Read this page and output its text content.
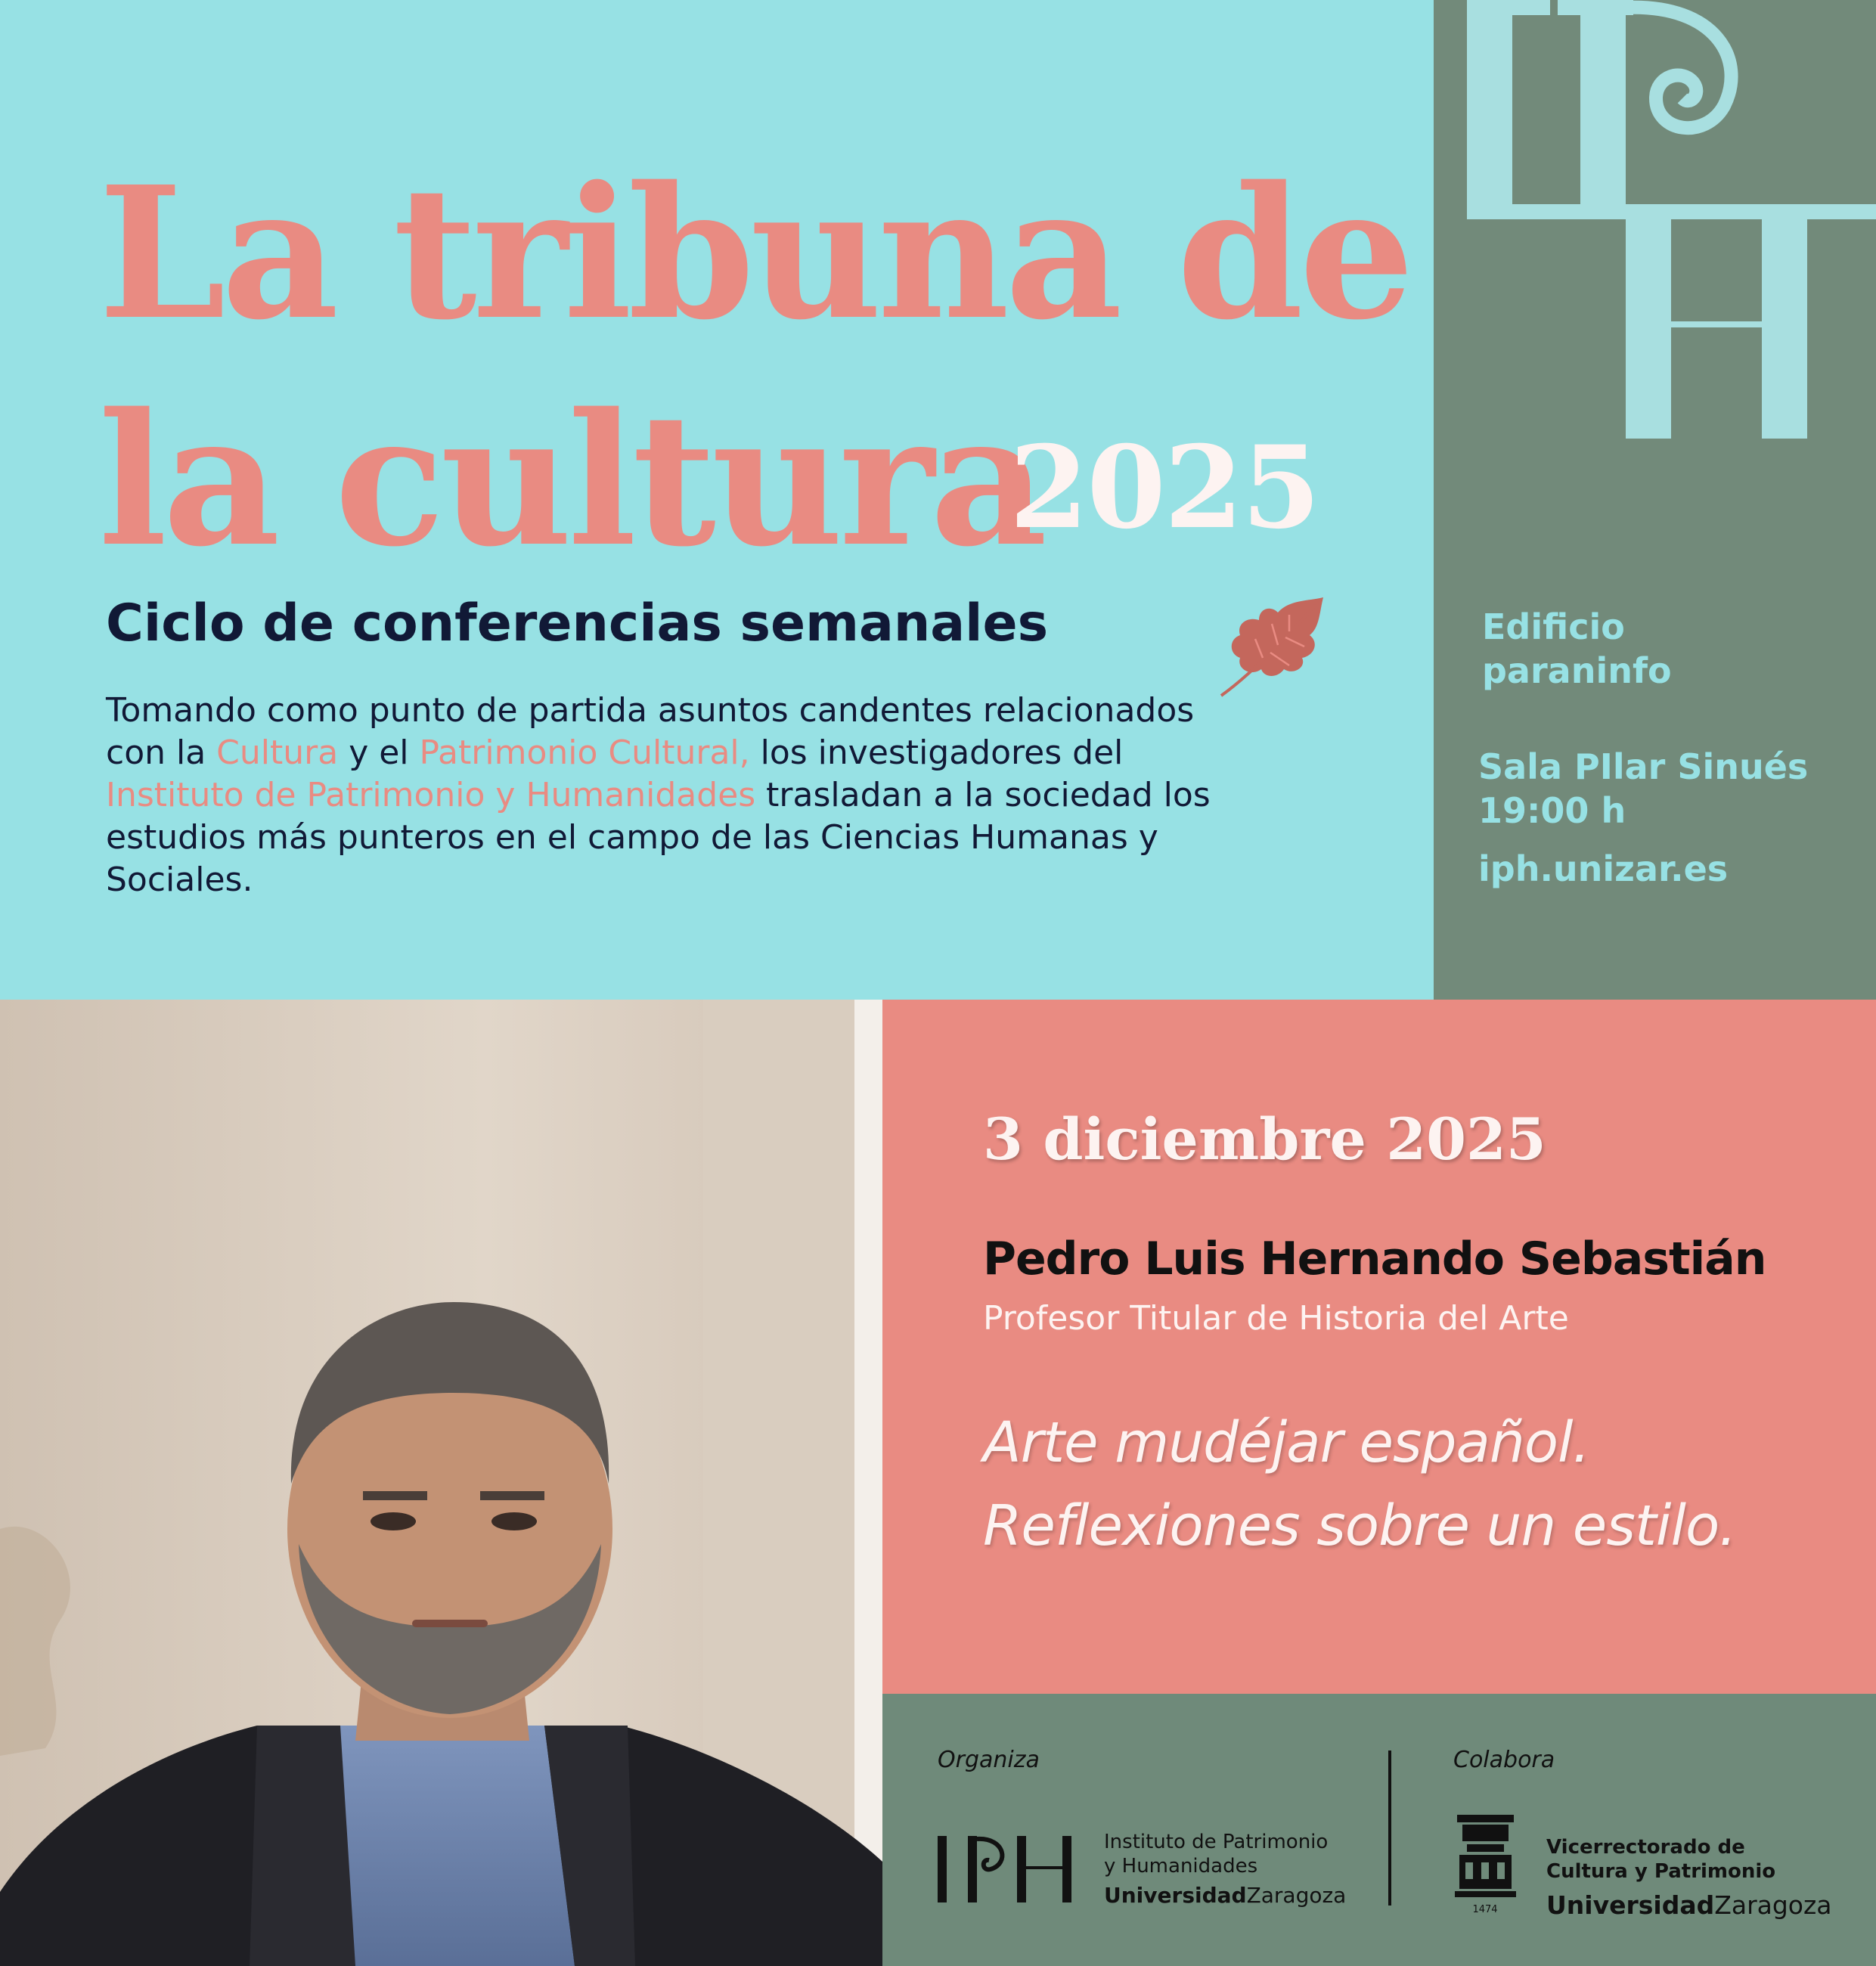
La tribuna de
la cultura
2025
Ciclo de conferencias semanales
Tomando como punto de partida asuntos candentes relacionados con la Cultura y el Patrimonio Cultural, los investigadores del Instituto de Patrimonio y Humanidades trasladan a la sociedad los estudios más punteros en el campo de las Ciencias Humanas y Sociales.
Edificio
paraninfo
Sala PIlar Sinués
19:00 h
iph.unizar.es
3 diciembre 2025
Pedro Luis Hernando Sebastián
Profesor Titular de Historia del Arte
Arte mudéjar español.
Reflexiones sobre un estilo.
Organiza	Colabora
Instituto de Patrimonio
y Humanidades
UniversidadZaragoza
1474
Vicerrectorado de
Cultura y Patrimonio
UniversidadZaragoza
